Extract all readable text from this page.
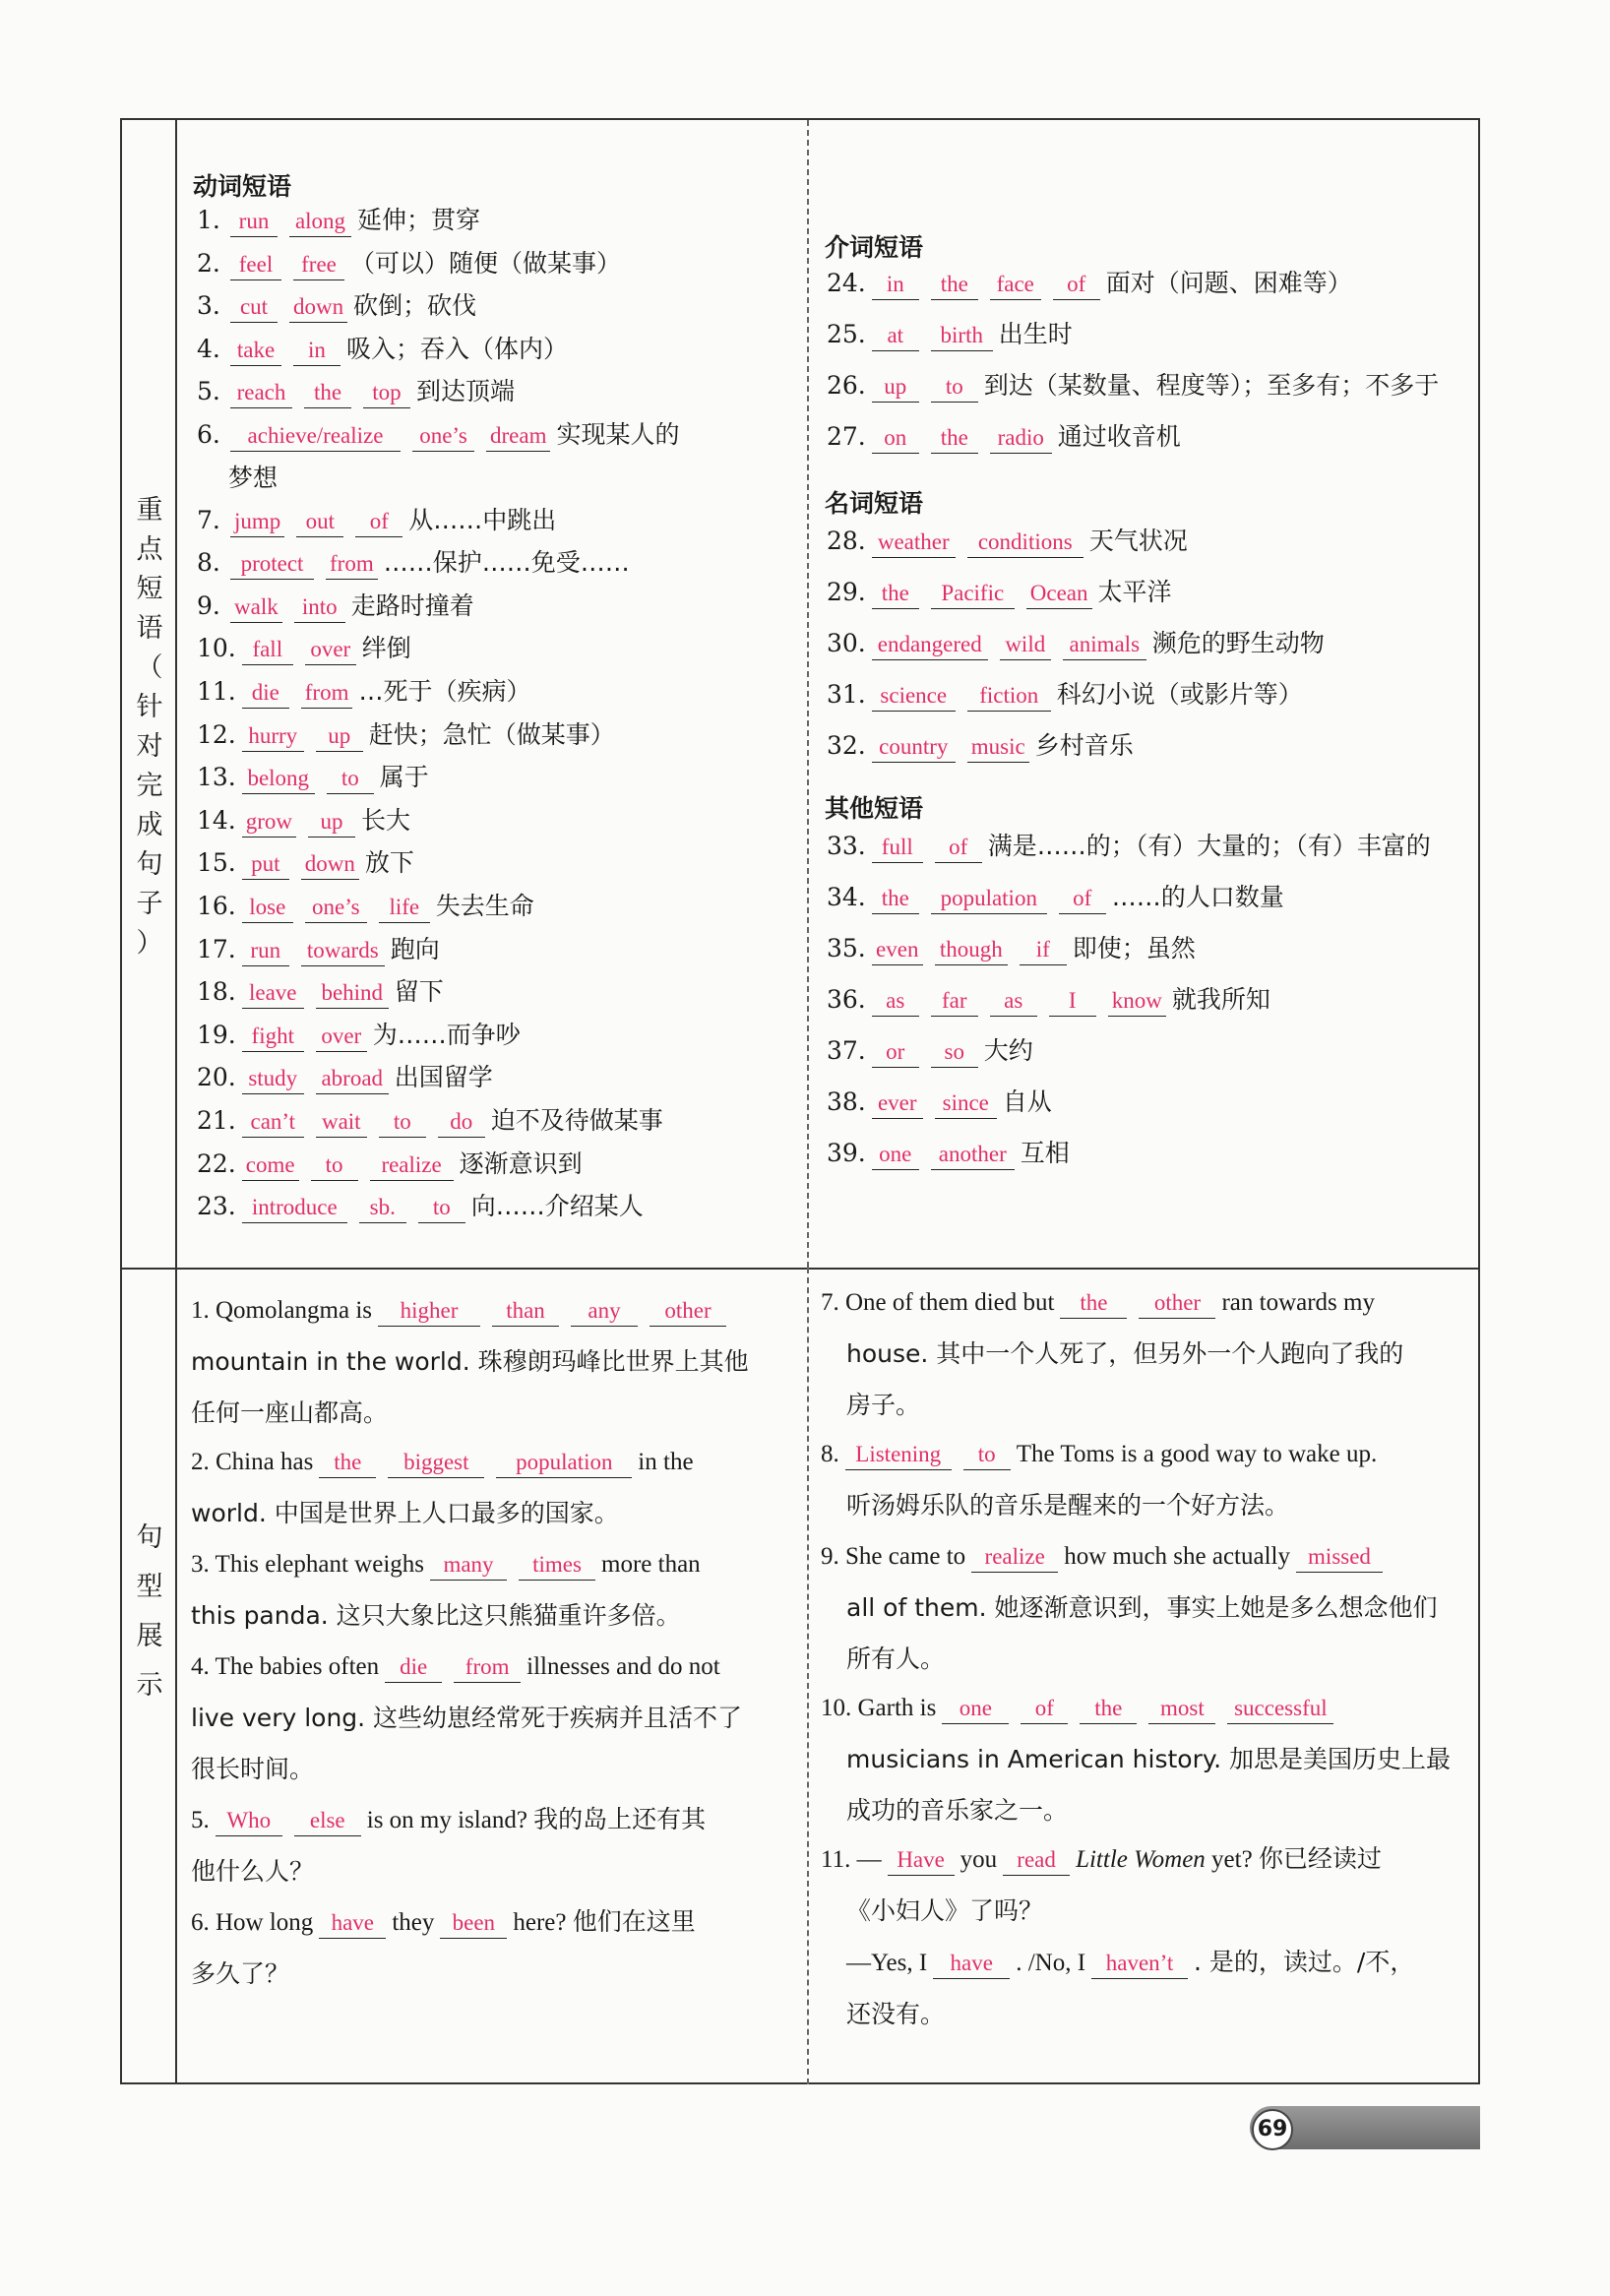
重
点
短
语
（
针
对
完
成
句
子
）
动词短语
1. run along 延伸；贯穿
2. feel free （可以）随便（做某事）
3. cut down 砍倒；砍伐
4. take in 吸入；吞入（体内）
5. reach the top 到达顶端
6. achieve/realize one’s dream 实现某人的
7. jump out of 从……中跳出
8. protect from ……保护……免受……
9. walk into 走路时撞着
10. fall over 绊倒
11. die from …死于（疾病）
12. hurry up 赶快；急忙（做某事）
13. belong to 属于
14. grow up 长大
15. put down 放下
16. lose one’s life 失去生命
17. run towards 跑向
18. leave behind 留下
19. fight over 为……而争吵
20. study abroad 出国留学
21. can’t wait to do 迫不及待做某事
22. come to realize 逐渐意识到
23. introduce sb. to 向……介绍某人
梦想
介词短语
名词短语
其他短语
24. in the face of 面对（问题、困难等）
25. at birth 出生时
26. up to 到达（某数量、程度等）；至多有；不多于
27. on the radio 通过收音机
28. weather conditions 天气状况
29. the Pacific Ocean 太平洋
30. endangered wild animals 濒危的野生动物
31. science fiction 科幻小说（或影片等）
32. country music 乡村音乐
33. full of 满是……的；（有）大量的；（有）丰富的
34. the population of ……的人口数量
35. even though if 即使；虽然
36. as far as I know 就我所知
37. or so 大约
38. ever since 自从
39. one another 互相
句
型
展
示
1. Qomolangma is higher than any other
mountain in the world. 珠穆朗玛峰比世界上其他
任何一座山都高。
2. China has the biggest population in the
world. 中国是世界上人口最多的国家。
3. This elephant weighs many times more than
this panda. 这只大象比这只熊猫重许多倍。
4. The babies often die from illnesses and do not
live very long. 这些幼崽经常死于疾病并且活不了
很长时间。
5. Who else is on my island? 我的岛上还有其
他什么人？
6. How long have they been here? 他们在这里
多久了？
7. One of them died but the other ran towards my
house. 其中一个人死了，但另外一个人跑向了我的
房子。
8. Listening to The Toms is a good way to wake up.
听汤姆乐队的音乐是醒来的一个好方法。
9. She came to realize how much she actually missed
all of them. 她逐渐意识到，事实上她是多么想念他们
所有人。
10. Garth is one of the most successful
musicians in American history. 加思是美国历史上最
成功的音乐家之一。
11. — Have you read Little Women yet? 你已经读过
《小妇人》了吗？
—Yes, I have . /No, I haven’t . 是的，读过。/不，
还没有。
69
